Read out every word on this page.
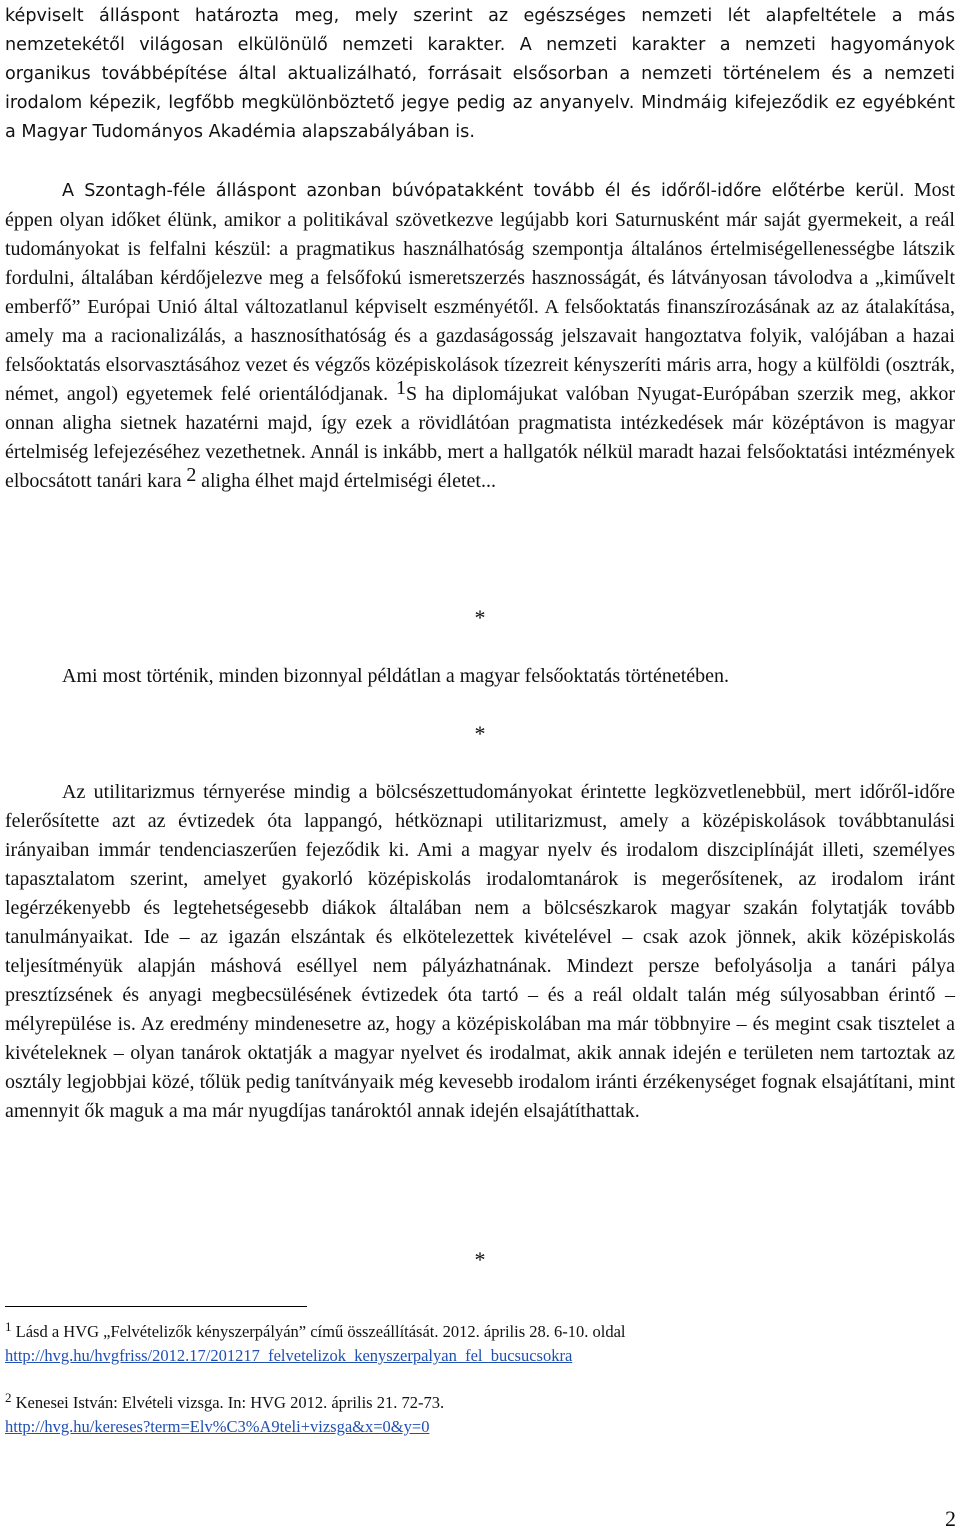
képviselt álláspont határozta meg, mely szerint az egészséges nemzeti lét alapfeltétele a más nemzetekétől világosan elkülönülő nemzeti karakter. A nemzeti karakter a nemzeti hagyományok organikus továbbépítése által aktualizálható, forrásait elsősorban a nemzeti történelem és a nemzeti irodalom képezik, legfőbb megkülönböztető jegye pedig az anyanyelv. Mindmáig kifejeződik ez egyébként a Magyar Tudományos Akadémia alapszabályában is.

A Szontagh-féle álláspont azonban búvópatakként tovább él és időről-időre előtérbe kerül. Most éppen olyan időket élünk, amikor a politikával szövetkezve legújabb kori Saturnusként már saját gyermekeit, a reál tudományokat is felfalni készül: a pragmatikus használhatóság szempontja általános értelmiségellenességbe látszik fordulni, általában kérdőjelezve meg a felsőfokú ismeretszerzés hasznosságát, és látványosan távolodva a „kiművelt emberfő” Európai Unió által változatlanul képviselt eszményétől. A felsőoktatás finanszírozásának az az átalakítása, amely ma a racionalizálás, a hasznosíthatóság és a gazdaságosság jelszavait hangoztatva folyik, valójában a hazai felsőoktatás elsorvasztásához vezet és végzős középiskolások tízezreit kényszeríti máris arra, hogy a külföldi (osztrák, német, angol) egyetemek felé orientálódjanak. $^1$S ha diplomájukat valóban Nyugat-Európában szerzik meg, akkor onnan aligha sietnek hazatérni majd, így ezek a rövidlátóan pragmatista intézkedések már középtávon is magyar értelmiség lefejezéséhez vezethetnek. Annál is inkább, mert a hallgatók nélkül maradt hazai felsőoktatási intézmények elbocsátott tanári kara $^2$ aligha élhet majd értelmiségi életet...

*

Ami most történik, minden bizonnyal példátlan a magyar felsőoktatás történetében.

*

Az utilitarizmus térnyerése mindig a bölcsészettudományokat érintette legközvetlenebbül, mert időről-időre felerősítette azt az évtizedek óta lappangó, hétköznapi utilitarizmust, amely a középiskolások továbbtanulási irányaiban immár tendenciaszerűen fejeződik ki. Ami a magyar nyelv és irodalom diszciplínáját illeti, személyes tapasztalatom szerint, amelyet gyakorló középiskolás irodalomtanárok is megerősítenek, az irodalom iránt legérzékenyebb és legtehetségesebb diákok általában nem a bölcsészkarok magyar szakán folytatják tovább tanulmányaikat. Ide – az igazán elszántak és elkötelezettek kivételével – csak azok jönnek, akik középiskolás teljesítményük alapján máshová eséllyel nem pályázhatnának. Mindezt persze befolyásolja a tanári pálya presztízsének és anyagi megbecsülésének évtizedek óta tartó – és a reál oldalt talán még súlyosabban érintő – mélyrepülése is. Az eredmény mindenesetre az, hogy a középiskolában ma már többnyire – és megint csak tisztelet a kivételeknek – olyan tanárok oktatják a magyar nyelvet és irodalmat, akik annak idején e területen nem tartoztak az osztály legjobbjai közé, tőlük pedig tanítványaik még kevesebb irodalom iránti érzékenységet fognak elsajátítani, mint amennyit ők maguk a ma már nyugdíjas tanároktól annak idején elsajátíthattak.

*
$^1$ Lásd a HVG „Felvételizők kényszerpályán” című összeállítását. 2012. április 28. 6-10. oldal
http://hvg.hu/hvgfriss/2012.17/201217_felvetelizok_kenyszerpalyan_fel_bucsucsokra
$^2$ Kenesei István: Elvételi vizsga. In: HVG 2012. április 21. 72-73.
http://hvg.hu/kereses?term=Elv%C3%A9teli+vizsga&x=0&y=0
2
